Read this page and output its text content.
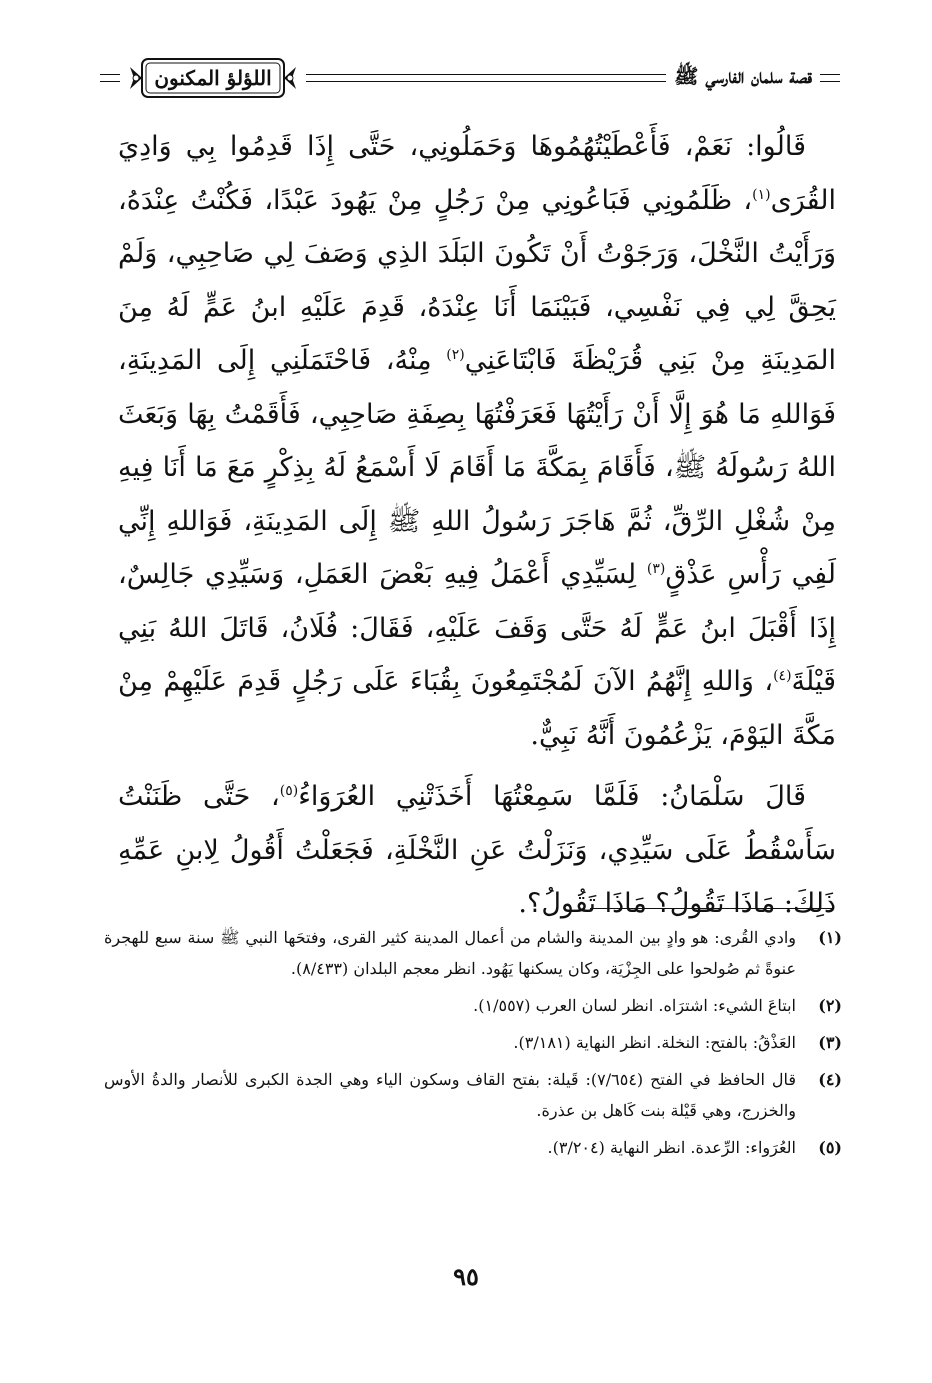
قصة سلمان الفارسي ﷺ
اللؤلؤ المكنون

قَالُوا: نَعَمْ، فَأَعْطَيْتُهُمُوهَا وَحَمَلُونِي، حَتَّى إِذَا قَدِمُوا بِي وَادِيَ القُرَى$^{(١)}$، ظَلَمُونِي فَبَاعُونِي مِنْ رَجُلٍ مِنْ يَهُودَ عَبْدًا، فَكُنْتُ عِنْدَهُ، وَرَأَيْتُ النَّخْلَ، وَرَجَوْتُ أَنْ تَكُونَ البَلَدَ الذِي وَصَفَ لِي صَاحِبِي، وَلَمْ يَحِقَّ لِي فِي نَفْسِي، فَبَيْنَمَا أَنَا عِنْدَهُ، قَدِمَ عَلَيْهِ ابنُ عَمٍّ لَهُ مِنَ المَدِينَةِ مِنْ بَنِي قُرَيْظَةَ فَابْتَاعَنِي$^{(٢)}$ مِنْهُ، فَاحْتَمَلَنِي إِلَى المَدِينَةِ، فَوَاللهِ مَا هُوَ إِلَّا أَنْ رَأَيْتُهَا فَعَرَفْتُهَا بِصِفَةِ صَاحِبِي، فَأَقَمْتُ بِهَا وَبَعَثَ اللهُ رَسُولَهُ ﷺ، فَأَقَامَ بِمَكَّةَ مَا أَقَامَ لَا أَسْمَعُ لَهُ بِذِكْرٍ مَعَ مَا أَنَا فِيهِ مِنْ شُغْلِ الرِّقِّ، ثُمَّ هَاجَرَ رَسُولُ اللهِ ﷺ إِلَى المَدِينَةِ، فَوَاللهِ إِنِّي لَفِي رَأْسِ عَذْقٍ$^{(٣)}$ لِسَيِّدِي أَعْمَلُ فِيهِ بَعْضَ العَمَلِ، وَسَيِّدِي جَالِسٌ، إِذَا أَقْبَلَ ابنُ عَمٍّ لَهُ حَتَّى وَقَفَ عَلَيْهِ، فَقَالَ: فُلَانُ، قَاتَلَ اللهُ بَنِي قَيْلَةَ$^{(٤)}$، وَاللهِ إِنَّهُمُ الآنَ لَمُجْتَمِعُونَ بِقُبَاءَ عَلَى رَجُلٍ قَدِمَ عَلَيْهِمْ مِنْ مَكَّةَ اليَوْمَ، يَزْعُمُونَ أَنَّهُ نَبِيٌّ.

قَالَ سَلْمَانُ: فَلَمَّا سَمِعْتُهَا أَخَذَتْنِي العُرَوَاءُ$^{(٥)}$، حَتَّى ظَنَنْتُ سَأَسْقُطُ عَلَى سَيِّدِي، وَنَزَلْتُ عَنِ النَّخْلَةِ، فَجَعَلْتُ أَقُولُ لِابنِ عَمِّهِ ذَلِكَ: مَاذَا تَقُولُ؟ مَاذَا تَقُولُ؟.

(١)
وادي القُرى: هو وادٍ بين المدينة والشام من أعمال المدينة كثير القرى، وفتحَها النبي ﷺ سنة سبع للهجرة عنوةً ثم صُولحوا على الجِزْيَة، وكان يسكنها يَهُود. انظر معجم البلدان (٨/٤٣٣).
(٢)
ابتاعَ الشيء: اشترَاه. انظر لسان العرب (١/٥٥٧).
(٣)
العَذْقُ: بالفتح: النخلة. انظر النهاية (٣/١٨١).
(٤)
قال الحافظ في الفتح (٧/٦٥٤): قَيلة: بفتح القاف وسكون الياء وهي الجدة الكبرى للأنصار والدةُ الأوس والخزرج، وهي قَيْلة بنت كَاهل بن عذرة.
(٥)
العُرَواء: الرِّعدة. انظر النهاية (٣/٢٠٤).
٩٥
